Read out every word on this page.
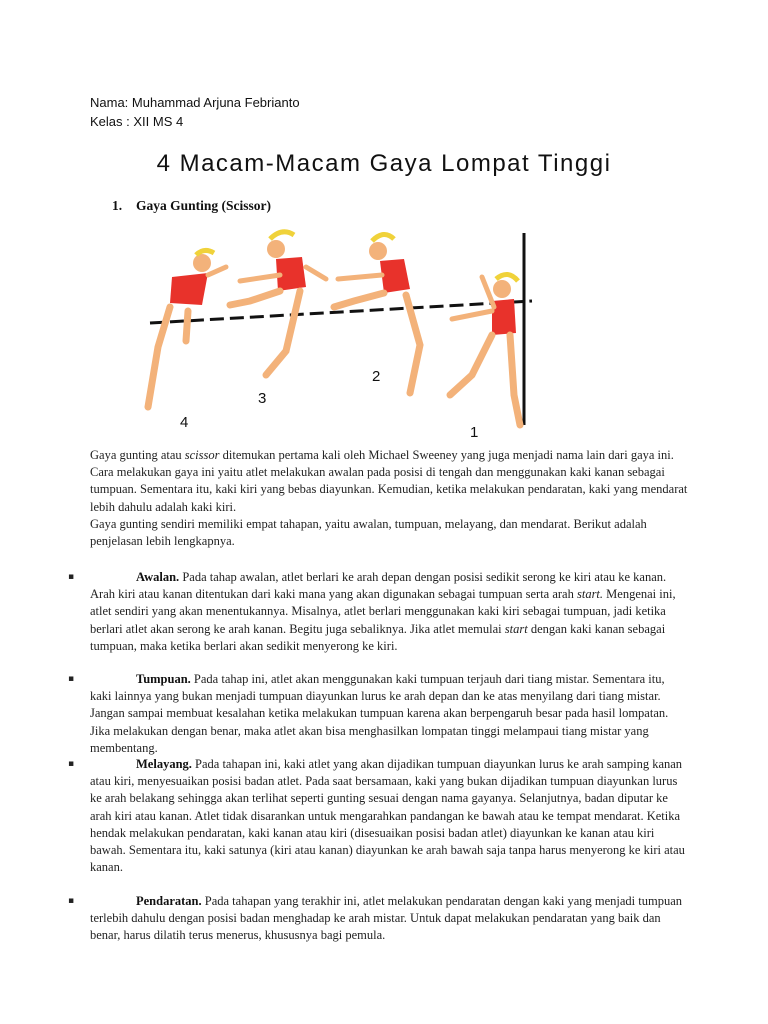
Nama: Muhammad Arjuna Febrianto
Kelas : XII MS 4
4 Macam-Macam Gaya Lompat Tinggi
1. Gaya Gunting (Scissor)
4
3
2
1

Gaya gunting atau scissor ditemukan pertama kali oleh Michael Sweeney yang juga menjadi nama lain dari gaya ini. Cara melakukan gaya ini yaitu atlet melakukan awalan pada posisi di tengah dan menggunakan kaki kanan sebagai tumpuan. Sementara itu, kaki kiri yang bebas diayunkan. Kemudian, ketika melakukan pendaratan, kaki yang mendarat lebih dahulu adalah kaki kiri.

Gaya gunting sendiri memiliki empat tahapan, yaitu awalan, tumpuan, melayang, dan mendarat. Berikut adalah penjelasan lebih lengkapnya.

▪	Awalan. Pada tahap awalan, atlet berlari ke arah depan dengan posisi sedikit serong ke kiri atau ke kanan. Arah kiri atau kanan ditentukan dari kaki mana yang akan digunakan sebagai tumpuan serta arah start. Mengenai ini, atlet sendiri yang akan menentukannya. Misalnya, atlet berlari menggunakan kaki kiri sebagai tumpuan, jadi ketika berlari atlet akan serong ke arah kanan. Begitu juga sebaliknya. Jika atlet memulai start dengan kaki kanan sebagai tumpuan, maka ketika berlari akan sedikit menyerong ke kiri.
▪	Tumpuan. Pada tahap ini, atlet akan menggunakan kaki tumpuan terjauh dari tiang mistar. Sementara itu, kaki lainnya yang bukan menjadi tumpuan diayunkan lurus ke arah depan dan ke atas menyilang dari tiang mistar. Jangan sampai membuat kesalahan ketika melakukan tumpuan karena akan berpengaruh besar pada hasil lompatan. Jika melakukan dengan benar, maka atlet akan bisa menghasilkan lompatan tinggi melampaui tiang mistar yang membentang.
▪	Melayang. Pada tahapan ini, kaki atlet yang akan dijadikan tumpuan diayunkan lurus ke arah samping kanan atau kiri, menyesuaikan posisi badan atlet. Pada saat bersamaan, kaki yang bukan dijadikan tumpuan diayunkan lurus ke arah belakang sehingga akan terlihat seperti gunting sesuai dengan nama gayanya. Selanjutnya, badan diputar ke arah kiri atau kanan. Atlet tidak disarankan untuk mengarahkan pandangan ke bawah atau ke tempat mendarat. Ketika hendak melakukan pendaratan, kaki kanan atau kiri (disesuaikan posisi badan atlet) diayunkan ke kanan atau kiri bawah. Sementara itu, kaki satunya (kiri atau kanan) diayunkan ke arah bawah saja tanpa harus menyerong ke kiri atau kanan.
▪	Pendaratan. Pada tahapan yang terakhir ini, atlet melakukan pendaratan dengan kaki yang menjadi tumpuan terlebih dahulu dengan posisi badan menghadap ke arah mistar. Untuk dapat melakukan pendaratan yang baik dan benar, harus dilatih terus menerus, khususnya bagi pemula.
